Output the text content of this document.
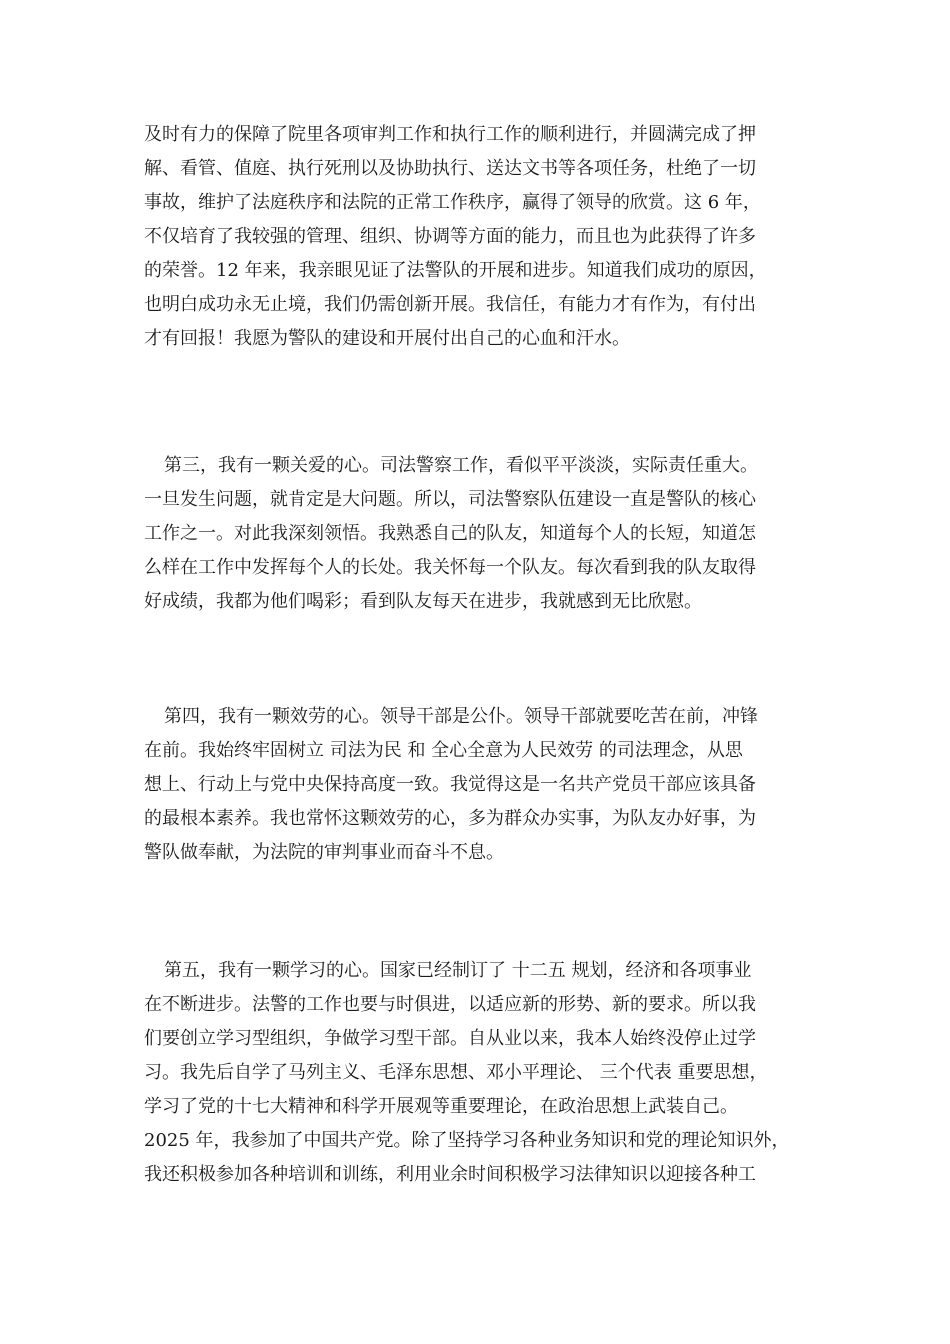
及时有力的保障了院里各项审判工作和执行工作的顺利进行，并圆满完成了押
解、看管、值庭、执行死刑以及协助执行、送达文书等各项任务，杜绝了一切
事故，维护了法庭秩序和法院的正常工作秩序，赢得了领导的欣赏。这 6 年，
不仅培育了我较强的管理、组织、协调等方面的能力，而且也为此获得了许多
的荣誉。12 年来，我亲眼见证了法警队的开展和进步。知道我们成功的原因，
也明白成功永无止境，我们仍需创新开展。我信任，有能力才有作为，有付出
才有回报！我愿为警队的建设和开展付出自己的心血和汗水。
第三，我有一颗关爱的心。司法警察工作，看似平平淡淡，实际责任重大。
一旦发生问题，就肯定是大问题。所以，司法警察队伍建设一直是警队的核心
工作之一。对此我深刻领悟。我熟悉自己的队友，知道每个人的长短，知道怎
么样在工作中发挥每个人的长处。我关怀每一个队友。每次看到我的队友取得
好成绩，我都为他们喝彩；看到队友每天在进步，我就感到无比欣慰。
第四，我有一颗效劳的心。领导干部是公仆。领导干部就要吃苦在前，冲锋
在前。我始终牢固树立 司法为民 和 全心全意为人民效劳 的司法理念，从思
想上、行动上与党中央保持高度一致。我觉得这是一名共产党员干部应该具备
的最根本素养。我也常怀这颗效劳的心，多为群众办实事，为队友办好事，为
警队做奉献，为法院的审判事业而奋斗不息。
第五，我有一颗学习的心。国家已经制订了 十二五 规划，经济和各项事业
在不断进步。法警的工作也要与时俱进，以适应新的形势、新的要求。所以我
们要创立学习型组织，争做学习型干部。自从业以来，我本人始终没停止过学
习。我先后自学了马列主义、毛泽东思想、邓小平理论、 三个代表 重要思想，
学习了党的十七大精神和科学开展观等重要理论，在政治思想上武装自己。
2025 年，我参加了中国共产党。除了坚持学习各种业务知识和党的理论知识外，
我还积极参加各种培训和训练，利用业余时间积极学习法律知识以迎接各种工
